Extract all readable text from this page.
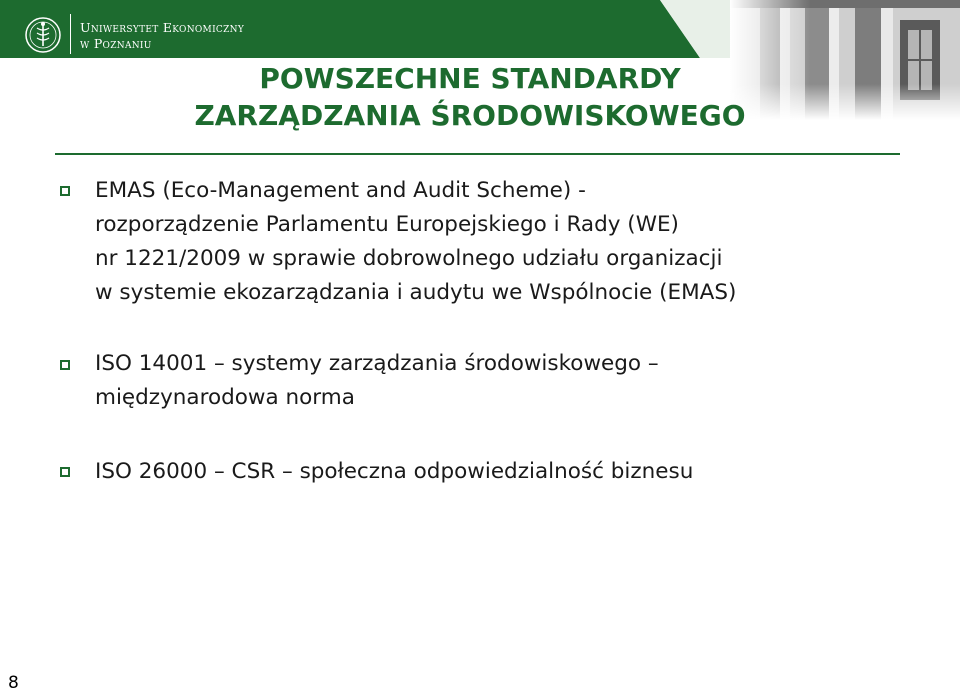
Uniwersytet Ekonomiczny
w Poznaniu
POWSZECHNE STANDARDY
ZARZĄDZANIA ŚRODOWISKOWEGO
EMAS (Eco-Management and Audit Scheme) -
rozporządzenie Parlamentu Europejskiego i Rady (WE)
nr 1221/2009 w sprawie dobrowolnego udziału organizacji
w systemie ekozarządzania i audytu we Wspólnocie (EMAS)
ISO 14001 – systemy zarządzania środowiskowego –
międzynarodowa norma
ISO 26000 – CSR – społeczna odpowiedzialność biznesu
8
